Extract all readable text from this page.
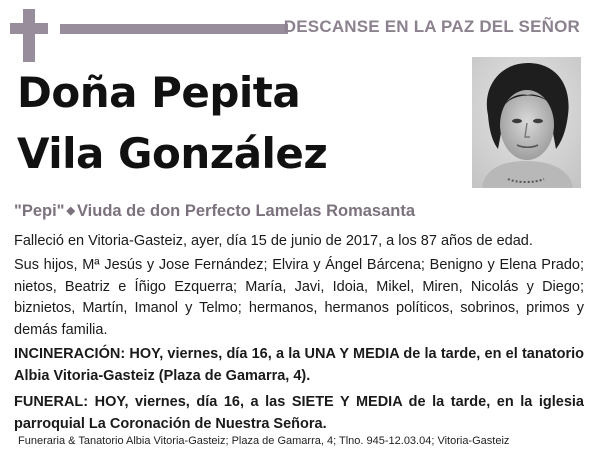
DESCANSE EN LA PAZ DEL SEÑOR
Doña Pepita
Vila González
"Pepi" ◆ Viuda de don Perfecto Lamelas Romasanta
Falleció en Vitoria-Gasteiz, ayer, día 15 de junio de 2017, a los 87 años de edad.
Sus hijos, Mª Jesús y Jose Fernández; Elvira y Ángel Bárcena; Benigno y Elena Prado; nietos, Beatriz e Íñigo Ezquerra; María, Javi, Idoia, Mikel, Miren, Nicolás y Diego; biznietos, Martín, Imanol y Telmo; hermanos, hermanos políticos, sobrinos, primos y demás familia.
INCINERACIÓN: HOY, viernes, día 16, a la UNA Y MEDIA de la tarde, en el tanatorio Albia Vitoria-Gasteiz (Plaza de Gamarra, 4).
FUNERAL: HOY, viernes, día 16, a las SIETE Y MEDIA de la tarde, en la iglesia parroquial La Coronación de Nuestra Señora.
Funeraria & Tanatorio Albia Vitoria-Gasteiz; Plaza de Gamarra, 4; Tlno. 945-12.03.04; Vitoria-Gasteiz
